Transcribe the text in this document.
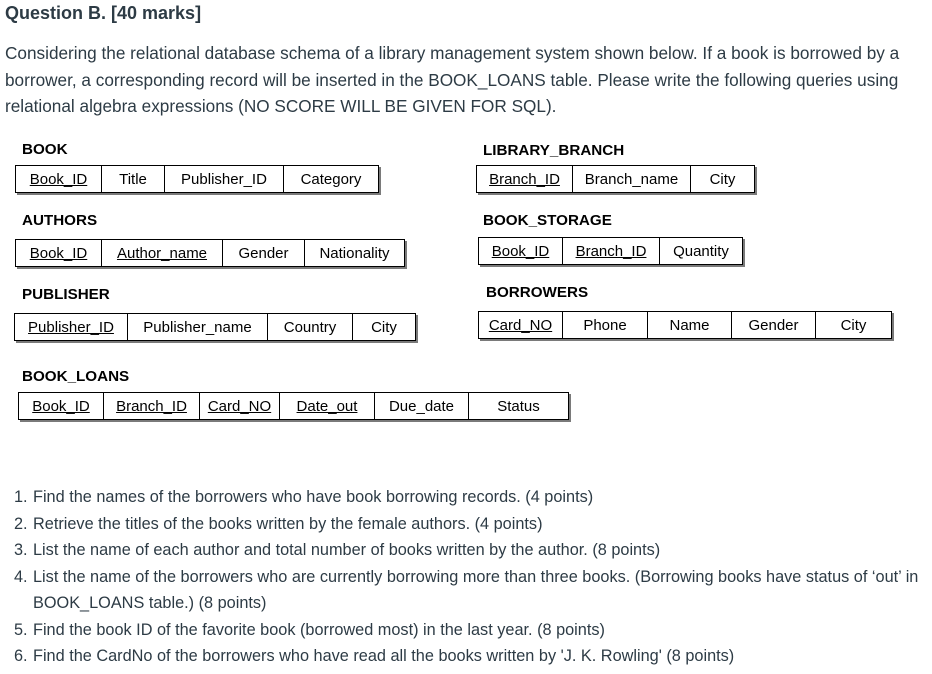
Question B. [40 marks]
Considering the relational database schema of a library management system shown below. If a book is borrowed by a borrower, a corresponding record will be inserted in the BOOK_LOANS table. Please write the following queries using relational algebra expressions (NO SCORE WILL BE GIVEN FOR SQL).
BOOK
Book_ID	Title	Publisher_ID	Category
AUTHORS
Book_ID	Author_name	Gender	Nationality
PUBLISHER
Publisher_ID	Publisher_name	Country	City
BOOK_LOANS
Book_ID	Branch_ID	Card_NO	Date_out	Due_date	Status
LIBRARY_BRANCH
Branch_ID	Branch_name	City
BOOK_STORAGE
Book_ID	Branch_ID	Quantity
BORROWERS
Card_NO	Phone	Name	Gender	City
1. Find the names of the borrowers who have book borrowing records. (4 points)
2. Retrieve the titles of the books written by the female authors. (4 points)
3. List the name of each author and total number of books written by the author. (8 points)
4. List the name of the borrowers who are currently borrowing more than three books. (Borrowing books have status of ‘out’ in BOOK_LOANS table.) (8 points)
5. Find the book ID of the favorite book (borrowed most) in the last year. (8 points)
6. Find the CardNo of the borrowers who have read all the books written by 'J. K. Rowling' (8 points)
